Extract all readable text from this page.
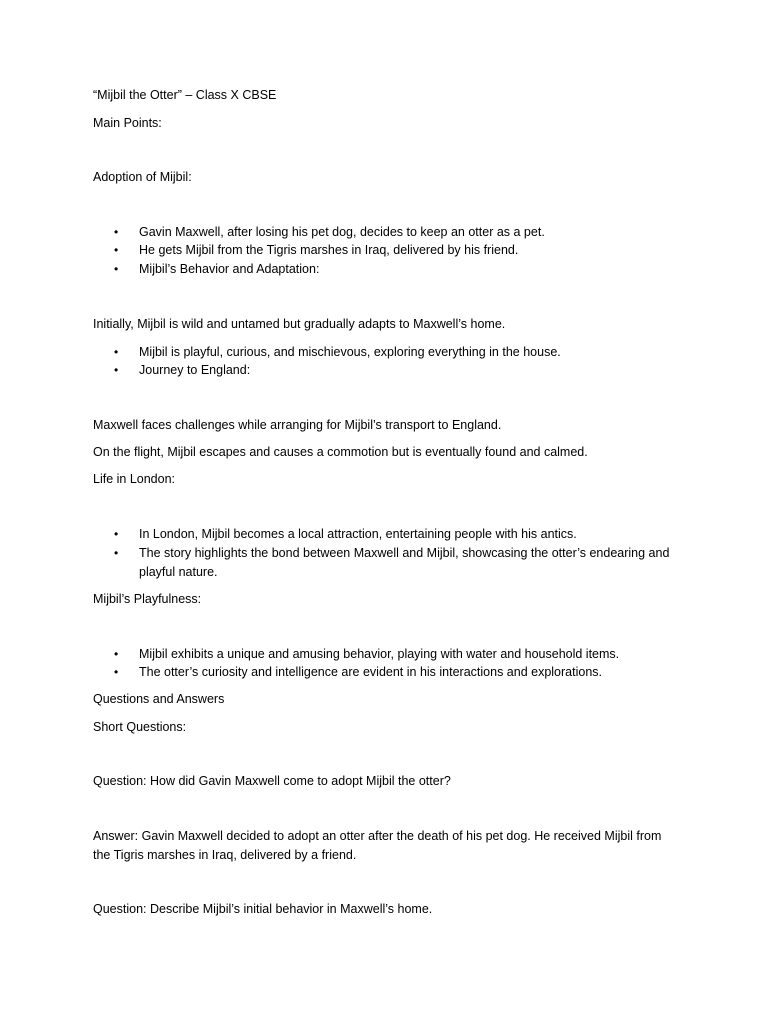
“Mijbil the Otter” – Class X CBSE
Main Points:
Adoption of Mijbil:
•	Gavin Maxwell, after losing his pet dog, decides to keep an otter as a pet.
•	He gets Mijbil from the Tigris marshes in Iraq, delivered by his friend.
•	Mijbil’s Behavior and Adaptation:
Initially, Mijbil is wild and untamed but gradually adapts to Maxwell’s home.
•	Mijbil is playful, curious, and mischievous, exploring everything in the house.
•	Journey to England:
Maxwell faces challenges while arranging for Mijbil’s transport to England.
On the flight, Mijbil escapes and causes a commotion but is eventually found and calmed.
Life in London:
•	In London, Mijbil becomes a local attraction, entertaining people with his antics.
•	The story highlights the bond between Maxwell and Mijbil, showcasing the otter’s endearing and playful nature.
Mijbil’s Playfulness:
•	Mijbil exhibits a unique and amusing behavior, playing with water and household items.
•	The otter’s curiosity and intelligence are evident in his interactions and explorations.
Questions and Answers
Short Questions:
Question: How did Gavin Maxwell come to adopt Mijbil the otter?
Answer: Gavin Maxwell decided to adopt an otter after the death of his pet dog. He received Mijbil from the Tigris marshes in Iraq, delivered by a friend.
Question: Describe Mijbil’s initial behavior in Maxwell’s home.
